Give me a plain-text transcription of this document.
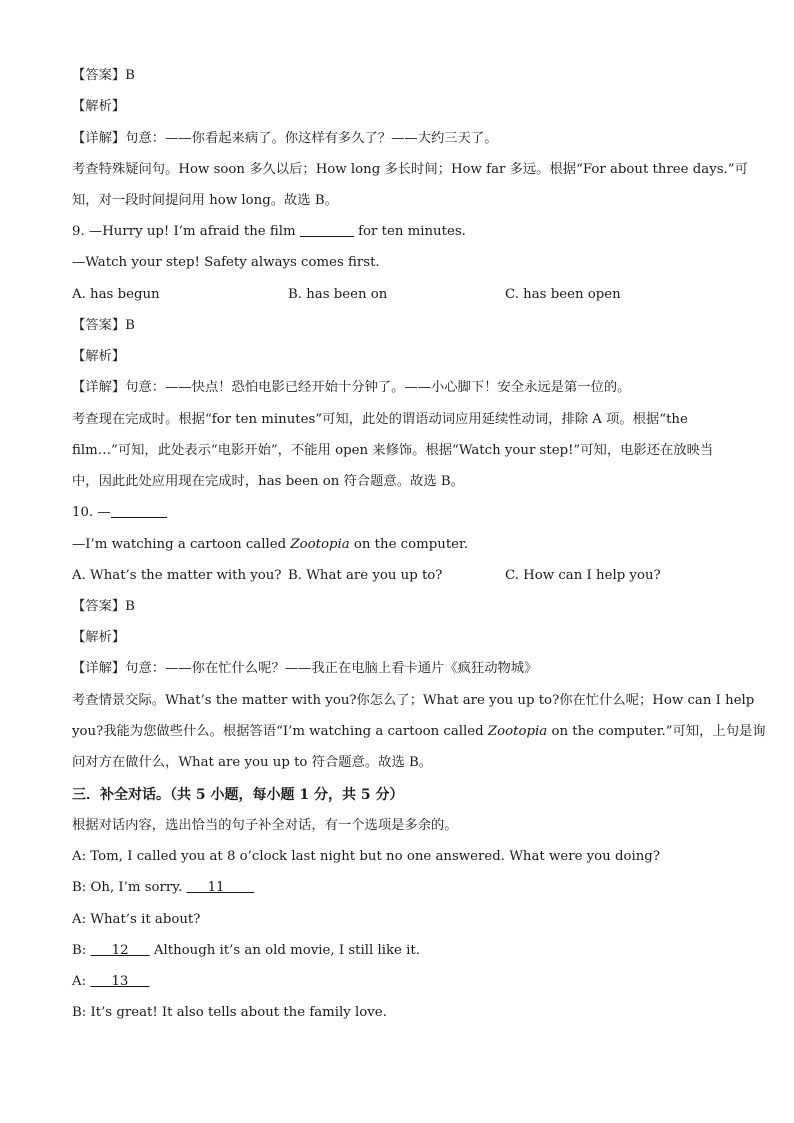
【答案】B
【解析】
【详解】句意：——你看起来病了。你这样有多久了？——大约三天了。
考查特殊疑问句。How soon 多久以后；How long 多长时间；How far 多远。根据“For about three days.”可
知，对一段时间提问用 how long。故选 B。
9. —Hurry up! I’m afraid the film	for ten minutes.
—Watch your step! Safety always comes first.
A. has begun	B. has been on	C. has been open
【答案】B
【解析】
【详解】句意：——快点！恐怕电影已经开始十分钟了。——小心脚下！安全永远是第一位的。
考查现在完成时。根据“for ten minutes”可知，此处的谓语动词应用延续性动词，排除 A 项。根据“the
film…”可知，此处表示“电影开始”，不能用 open 来修饰。根据“Watch your step!”可知，电影还在放映当
中，因此此处应用现在完成时，has been on 符合题意。故选 B。
10. —
—I’m watching a cartoon called Zootopia on the computer.
A. What’s the matter with you? B. What are you up to?	C. How can I help you?
【答案】B
【解析】
【详解】句意：——你在忙什么呢？——我正在电脑上看卡通片《疯狂动物城》
考查情景交际。What’s the matter with you?你怎么了；What are you up to?你在忙什么呢；How can I help
you?我能为您做些什么。根据答语“I’m watching a cartoon called Zootopia on the computer.”可知，上句是询
问对方在做什么，What are you up to 符合题意。故选 B。
三．补全对话。（共 5 小题，每小题 1 分，共 5 分）
根据对话内容，选出恰当的句子补全对话，有一个选项是多余的。
A: Tom, I called you at 8 o’clock last night but no one answered. What were you doing?
B: Oh, I’m sorry.      11
A: What’s it about?
B:      12      Although it’s an old movie, I still like it.
A:      13
B: It’s great! It also tells about the family love.
